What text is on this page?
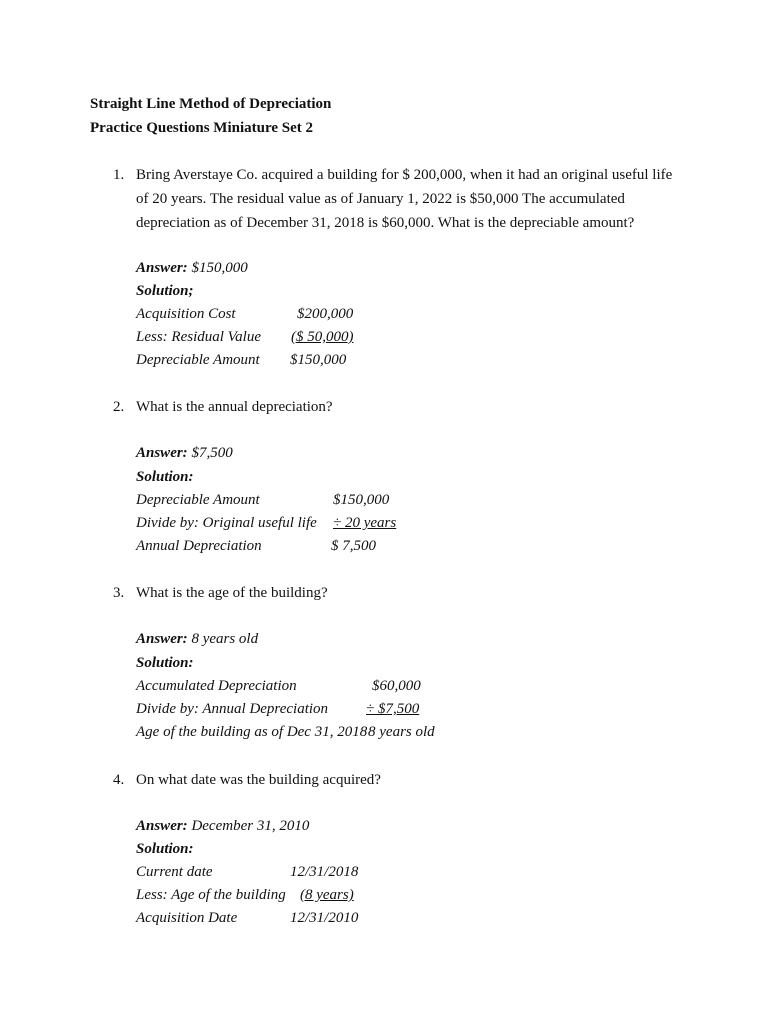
Straight Line Method of Depreciation
Practice Questions Miniature Set 2
1. Bring Averstaye Co. acquired a building for $ 200,000, when it had an original useful life of 20 years. The residual value as of January 1, 2022 is $50,000 The accumulated depreciation as of December 31, 2018 is $60,000. What is the depreciable amount?
Answer: $150,000
Solution;
Acquisition Cost	$200,000
Less: Residual Value ($ 50,000)
Depreciable Amount $150,000
2. What is the annual depreciation?
Answer: $7,500
Solution:
Depreciable Amount	$150,000
Divide by: Original useful life ÷ 20 years
Annual Depreciation	$ 7,500
3. What is the age of the building?
Answer: 8 years old
Solution:
Accumulated Depreciation	$60,000
Divide by: Annual Depreciation	÷ $7,500
Age of the building as of Dec 31, 2018 8 years old
4. On what date was the building acquired?
Answer: December 31, 2010
Solution:
Current date	12/31/2018
Less: Age of the building (8 years)
Acquisition Date	12/31/2010
